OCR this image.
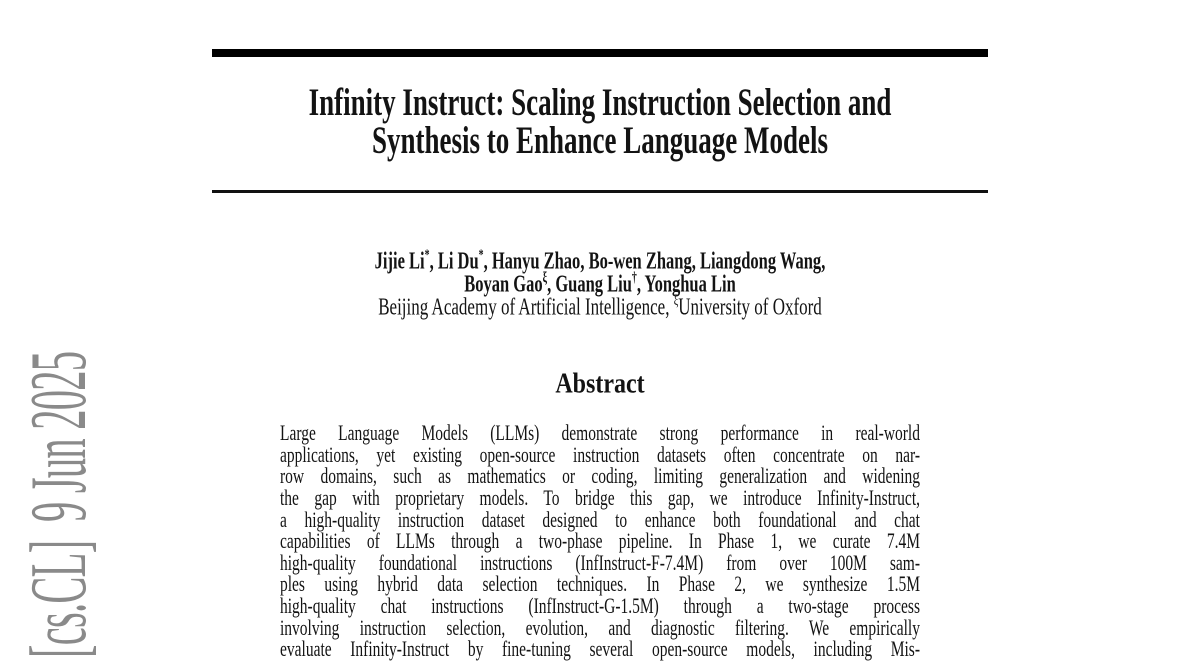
[cs.CL]  9 Jun 2025
Infinity Instruct: Scaling Instruction Selection and
Synthesis to Enhance Language Models
Jijie Li*, Li Du*, Hanyu Zhao, Bo-wen Zhang, Liangdong Wang,
Boyan Gao$^\xi$, Guang Liu†, Yonghua Lin
Beijing Academy of Artificial Intelligence, $^\xi$University of Oxford
Abstract
Large Language Models (LLMs) demonstrate strong performance in real-world
applications, yet existing open-source instruction datasets often concentrate on nar-
row domains, such as mathematics or coding, limiting generalization and widening
the gap with proprietary models. To bridge this gap, we introduce Infinity-Instruct,
a high-quality instruction dataset designed to enhance both foundational and chat
capabilities of LLMs through a two-phase pipeline. In Phase 1, we curate 7.4M
high-quality foundational instructions (InfInstruct-F-7.4M) from over 100M sam-
ples using hybrid data selection techniques. In Phase 2, we synthesize 1.5M
high-quality chat instructions (InfInstruct-G-1.5M) through a two-stage process
involving instruction selection, evolution, and diagnostic filtering. We empirically
evaluate Infinity-Instruct by fine-tuning several open-source models, including Mis-
